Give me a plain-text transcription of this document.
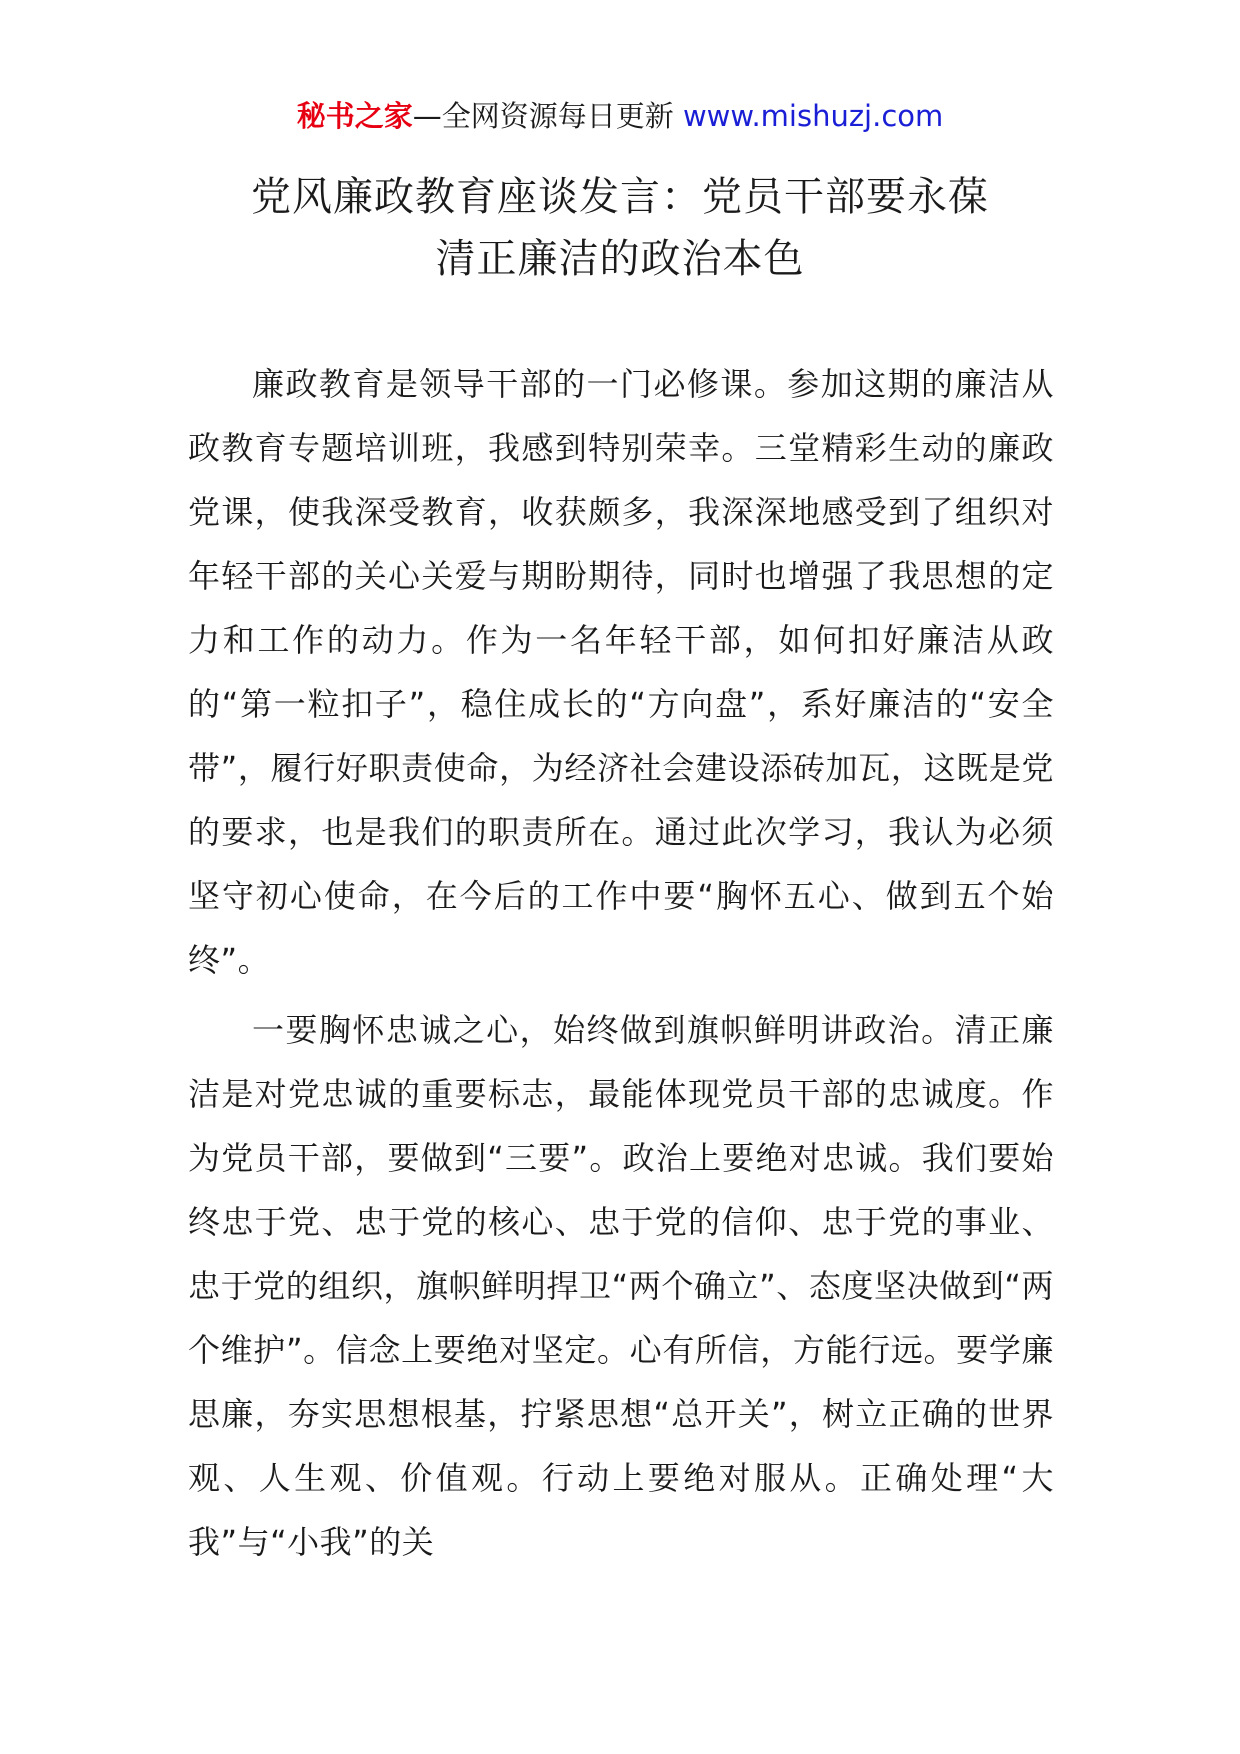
秘书之家—全网资源每日更新 www.mishuzj.com
党风廉政教育座谈发言：党员干部要永葆
清正廉洁的政治本色

廉政教育是领导干部的一门必修课。参加这期的廉洁从政教育专题培训班，我感到特别荣幸。三堂精彩生动的廉政党课，使我深受教育，收获颇多，我深深地感受到了组织对年轻干部的关心关爱与期盼期待，同时也增强了我思想的定力和工作的动力。作为一名年轻干部，如何扣好廉洁从政的“第一粒扣子”，稳住成长的“方向盘”，系好廉洁的“安全带”，履行好职责使命，为经济社会建设添砖加瓦，这既是党的要求，也是我们的职责所在。通过此次学习，我认为必须坚守初心使命，在今后的工作中要“胸怀五心、做到五个始终”。

一要胸怀忠诚之心，始终做到旗帜鲜明讲政治。清正廉洁是对党忠诚的重要标志，最能体现党员干部的忠诚度。作为党员干部，要做到“三要”。政治上要绝对忠诚。我们要始终忠于党、忠于党的核心、忠于党的信仰、忠于党的事业、忠于党的组织，旗帜鲜明捍卫“两个确立”、态度坚决做到“两个维护”。信念上要绝对坚定。心有所信，方能行远。要学廉思廉，夯实思想根基，拧紧思想“总开关”，树立正确的世界观、人生观、价值观。行动上要绝对服从。正确处理“大我”与“小我”的关
